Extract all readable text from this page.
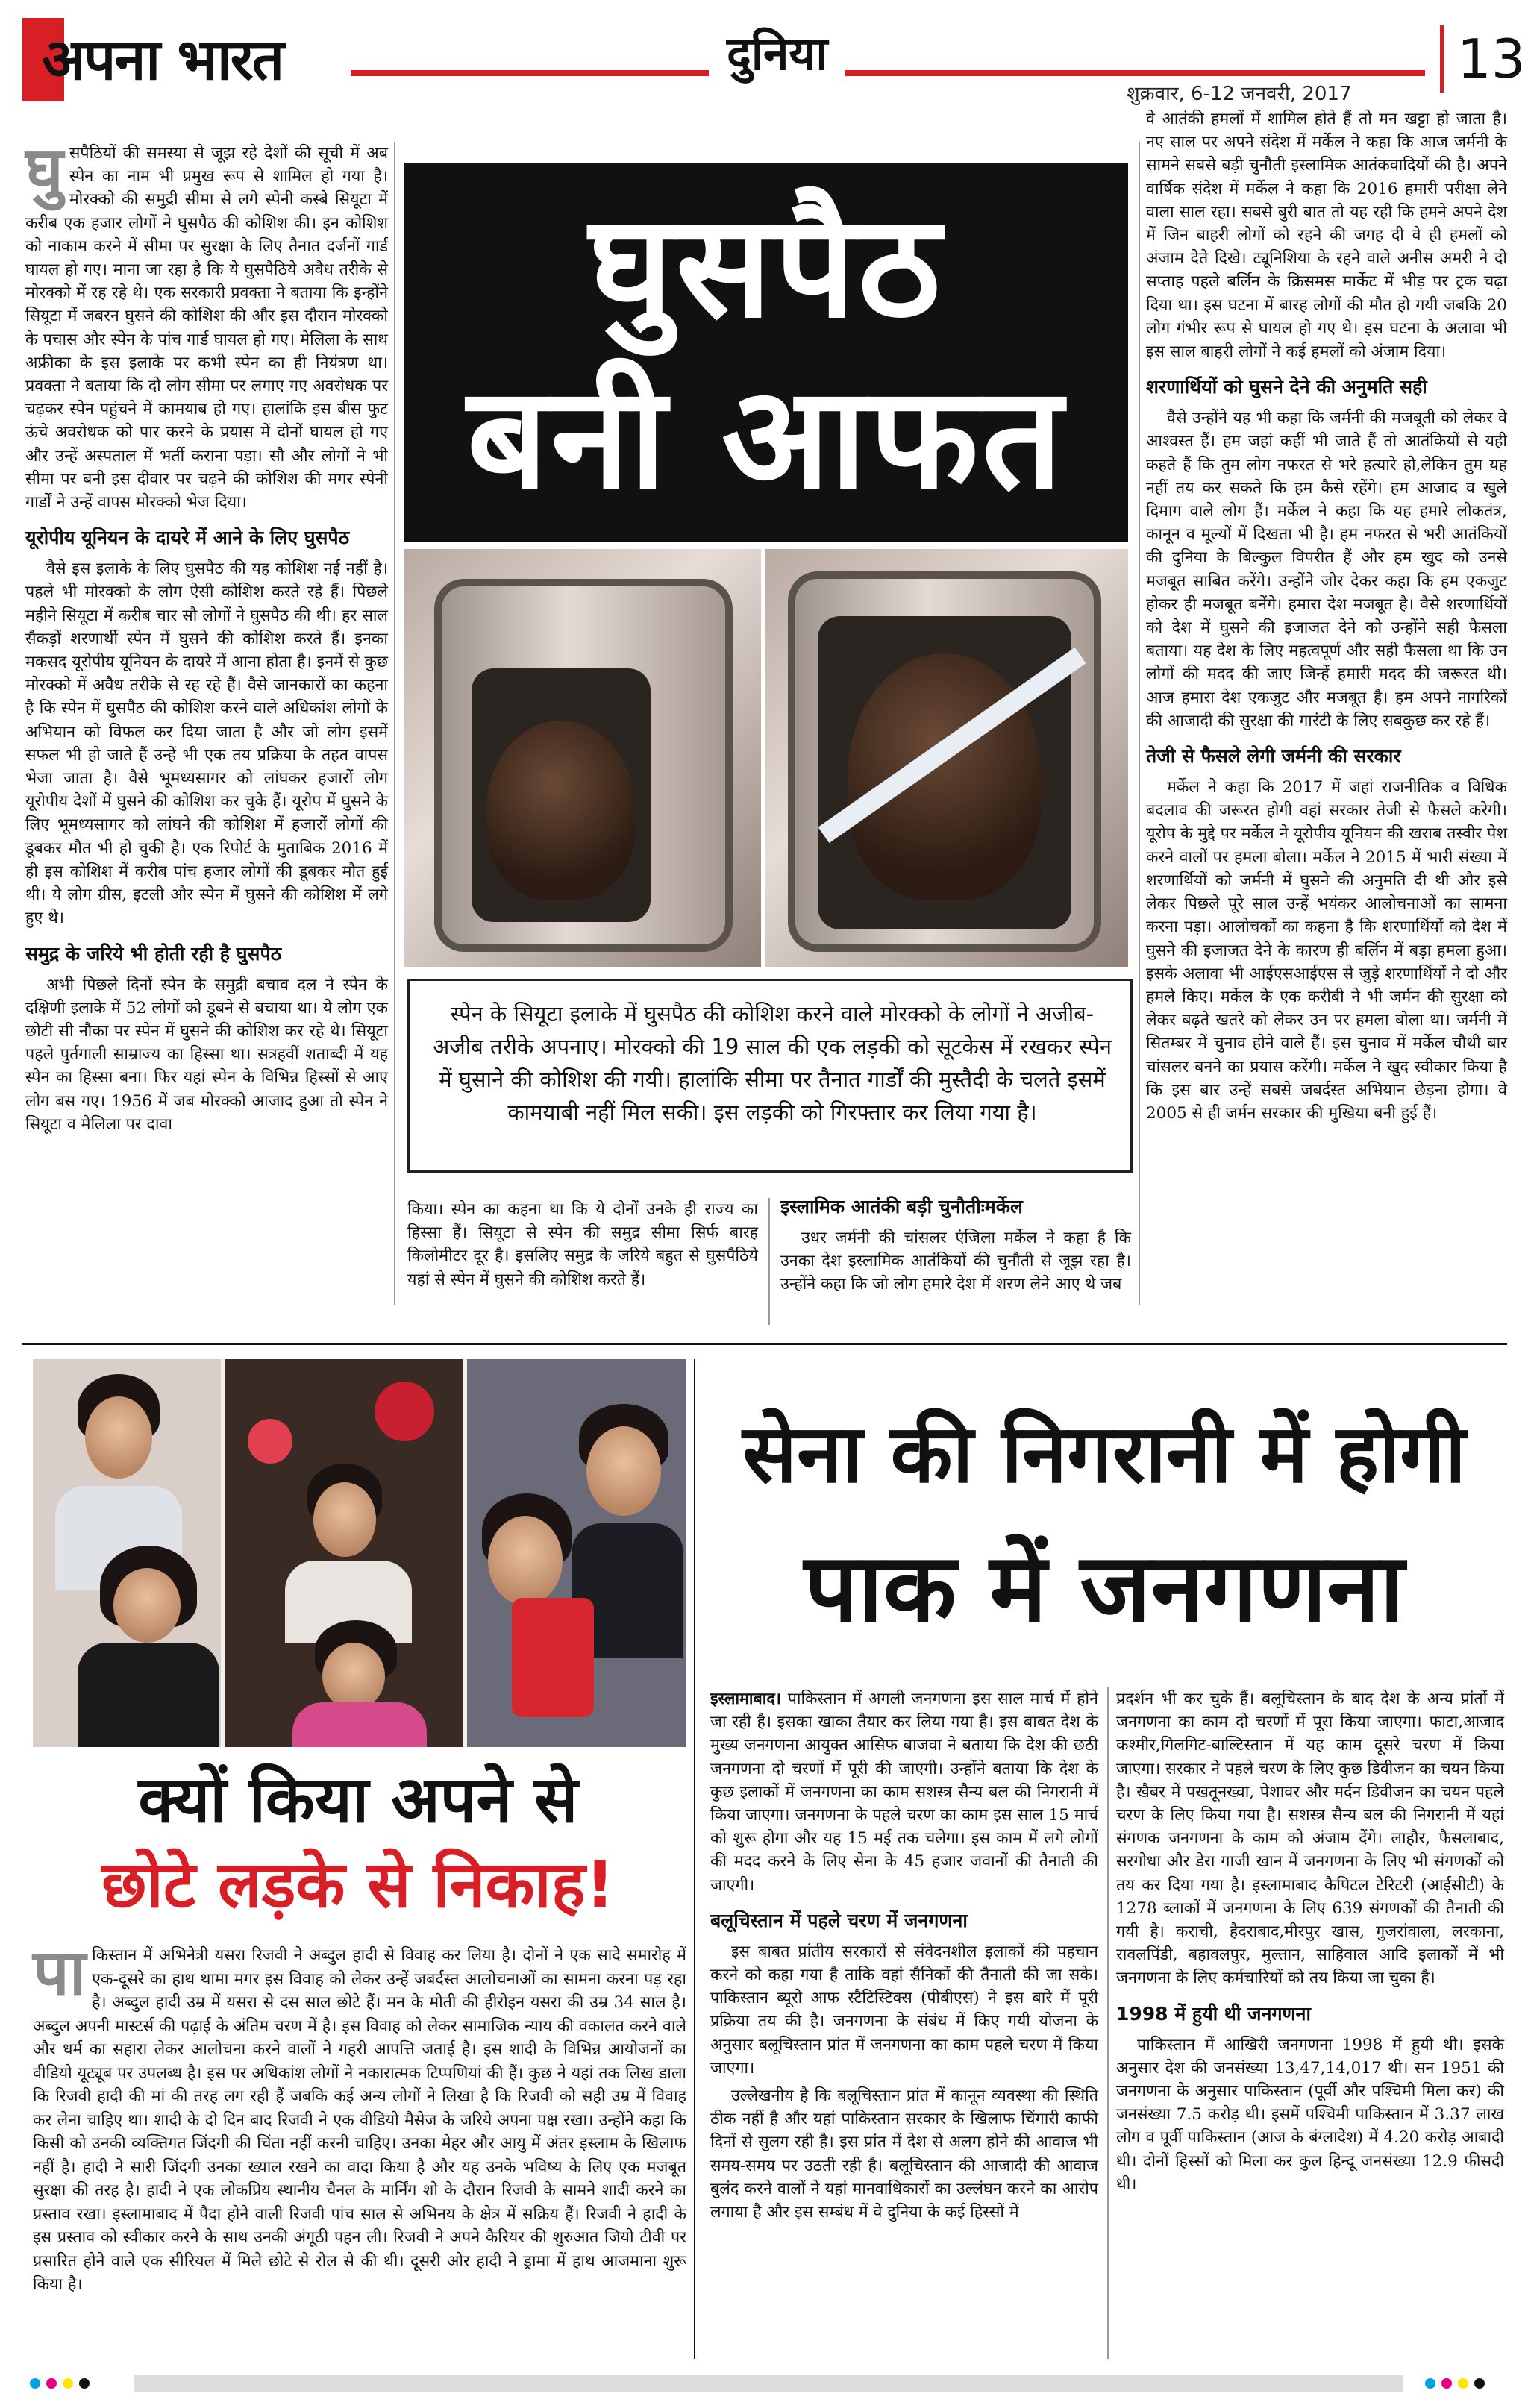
अपना भारत	दुनिया
शुक्रवार, 6-12 जनवरी, 2017
13

घुसपैठियों की समस्या से जूझ रहे देशों की सूची में अब स्पेन का नाम भी प्रमुख रूप से शामिल हो गया है। मोरक्को की समुद्री सीमा से लगे स्पेनी कस्बे सियूटा में करीब एक हजार लोगों ने घुसपैठ की कोशिश की। इन कोशिश को नाकाम करने में सीमा पर सुरक्षा के लिए तैनात दर्जनों गार्ड घायल हो गए। माना जा रहा है कि ये घुसपैठिये अवैध तरीके से मोरक्को में रह रहे थे। एक सरकारी प्रवक्ता ने बताया कि इन्होंने सियूटा में जबरन घुसने की कोशिश की और इस दौरान मोरक्को के पचास और स्पेन के पांच गार्ड घायल हो गए। मेलिला के साथ अफ्रीका के इस इलाके पर कभी स्पेन का ही नियंत्रण था। प्रवक्ता ने बताया कि दो लोग सीमा पर लगाए गए अवरोधक पर चढ़कर स्पेन पहुंचने में कामयाब हो गए। हालांकि इस बीस फुट ऊंचे अवरोधक को पार करने के प्रयास में दोनों घायल हो गए और उन्हें अस्पताल में भर्ती कराना पड़ा। सौ और लोगों ने भी सीमा पर बनी इस दीवार पर चढ़ने की कोशिश की मगर स्पेनी गार्डों ने उन्हें वापस मोरक्को भेज दिया।

यूरोपीय यूनियन के दायरे में आने के लिए घुसपैठ

वैसे इस इलाके के लिए घुसपैठ की यह कोशिश नई नहीं है। पहले भी मोरक्को के लोग ऐसी कोशिश करते रहे हैं। पिछले महीने सियूटा में करीब चार सौ लोगों ने घुसपैठ की थी। हर साल सैकड़ों शरणार्थी स्पेन में घुसने की कोशिश करते हैं। इनका मकसद यूरोपीय यूनियन के दायरे में आना होता है। इनमें से कुछ मोरक्को में अवैध तरीके से रह रहे हैं। वैसे जानकारों का कहना है कि स्पेन में घुसपैठ की कोशिश करने वाले अधिकांश लोगों के अभियान को विफल कर दिया जाता है और जो लोग इसमें सफल भी हो जाते हैं उन्हें भी एक तय प्रक्रिया के तहत वापस भेजा जाता है। वैसे भूमध्यसागर को लांघकर हजारों लोग यूरोपीय देशों में घुसने की कोशिश कर चुके हैं। यूरोप में घुसने के लिए भूमध्यसागर को लांघने की कोशिश में हजारों लोगों की डूबकर मौत भी हो चुकी है। एक रिपोर्ट के मुताबिक 2016 में ही इस कोशिश में करीब पांच हजार लोगों की डूबकर मौत हुई थी। ये लोग ग्रीस, इटली और स्पेन में घुसने की कोशिश में लगे हुए थे।

समुद्र के जरिये भी होती रही है घुसपैठ

अभी पिछले दिनों स्पेन के समुद्री बचाव दल ने स्पेन के दक्षिणी इलाके में 52 लोगों को डूबने से बचाया था। ये लोग एक छोटी सी नौका पर स्पेन में घुसने की कोशिश कर रहे थे। सियूटा पहले पुर्तगाली साम्राज्य का हिस्सा था। सत्रहवीं शताब्दी में यह स्पेन का हिस्सा बना। फिर यहां स्पेन के विभिन्न हिस्सों से आए लोग बस गए। 1956 में जब मोरक्को आजाद हुआ तो स्पेन ने सियूटा व मेलिला पर दावा

घुसपैठ
बनी आफत
स्पेन के सियूटा इलाके में घुसपैठ की कोशिश करने वाले मोरक्को के लोगों ने अजीब-अजीब तरीके अपनाए। मोरक्को की 19 साल की एक लड़की को सूटकेस में रखकर स्पेन में घुसाने की कोशिश की गयी। हालांकि सीमा पर तैनात गार्डों की मुस्तैदी के चलते इसमें कामयाबी नहीं मिल सकी। इस लड़की को गिरफ्तार कर लिया गया है।

किया। स्पेन का कहना था कि ये दोनों उनके ही राज्य का हिस्सा हैं। सियूटा से स्पेन की समुद्र सीमा सिर्फ बारह किलोमीटर दूर है। इसलिए समुद्र के जरिये बहुत से घुसपैठिये यहां से स्पेन में घुसने की कोशिश करते हैं।

इस्लामिक आतंकी बड़ी चुनौतीःमर्केल

उधर जर्मनी की चांसलर एंजिला मर्केल ने कहा है कि उनका देश इस्लामिक आतंकियों की चुनौती से जूझ रहा है। उन्होंने कहा कि जो लोग हमारे देश में शरण लेने आए थे जब

वे आतंकी हमलों में शामिल होते हैं तो मन खट्टा हो जाता है। नए साल पर अपने संदेश में मर्केल ने कहा कि आज जर्मनी के सामने सबसे बड़ी चुनौती इस्लामिक आतंकवादियों की है। अपने वार्षिक संदेश में मर्केल ने कहा कि 2016 हमारी परीक्षा लेने वाला साल रहा। सबसे बुरी बात तो यह रही कि हमने अपने देश में जिन बाहरी लोगों को रहने की जगह दी वे ही हमलों को अंजाम देते दिखे। ट्यूनिशिया के रहने वाले अनीस अमरी ने दो सप्ताह पहले बर्लिन के क्रिसमस मार्केट में भीड़ पर ट्रक चढ़ा दिया था। इस घटना में बारह लोगों की मौत हो गयी जबकि 20 लोग गंभीर रूप से घायल हो गए थे। इस घटना के अलावा भी इस साल बाहरी लोगों ने कई हमलों को अंजाम दिया।

शरणार्थियों को घुसने देने की अनुमति सही

वैसे उन्होंने यह भी कहा कि जर्मनी की मजबूती को लेकर वे आश्वस्त हैं। हम जहां कहीं भी जाते हैं तो आतंकियों से यही कहते हैं कि तुम लोग नफरत से भरे हत्यारे हो,लेकिन तुम यह नहीं तय कर सकते कि हम कैसे रहेंगे। हम आजाद व खुले दिमाग वाले लोग हैं। मर्केल ने कहा कि यह हमारे लोकतंत्र, कानून व मूल्यों में दिखता भी है। हम नफरत से भरी आतंकियों की दुनिया के बिल्कुल विपरीत हैं और हम खुद को उनसे मजबूत साबित करेंगे। उन्होंने जोर देकर कहा कि हम एकजुट होकर ही मजबूत बनेंगे। हमारा देश मजबूत है। वैसे शरणार्थियों को देश में घुसने की इजाजत देने को उन्होंने सही फैसला बताया। यह देश के लिए महत्वपूर्ण और सही फैसला था कि उन लोगों की मदद की जाए जिन्हें हमारी मदद की जरूरत थी। आज हमारा देश एकजुट और मजबूत है। हम अपने नागरिकों की आजादी की सुरक्षा की गारंटी के लिए सबकुछ कर रहे हैं।

तेजी से फैसले लेगी जर्मनी की सरकार

मर्केल ने कहा कि 2017 में जहां राजनीतिक व विधिक बदलाव की जरूरत होगी वहां सरकार तेजी से फैसले करेगी। यूरोप के मुद्दे पर मर्केल ने यूरोपीय यूनियन की खराब तस्वीर पेश करने वालों पर हमला बोला। मर्केल ने 2015 में भारी संख्या में शरणार्थियों को जर्मनी में घुसने की अनुमति दी थी और इसे लेकर पिछले पूरे साल उन्हें भयंकर आलोचनाओं का सामना करना पड़ा। आलोचकों का कहना है कि शरणार्थियों को देश में घुसने की इजाजत देने के कारण ही बर्लिन में बड़ा हमला हुआ। इसके अलावा भी आईएसआईएस से जुड़े शरणार्थियों ने दो और हमले किए। मर्केल के एक करीबी ने भी जर्मन की सुरक्षा को लेकर बढ़ते खतरे को लेकर उन पर हमला बोला था। जर्मनी में सितम्बर में चुनाव होने वाले हैं। इस चुनाव में मर्केल चौथी बार चांसलर बनने का प्रयास करेंगी। मर्केल ने खुद स्वीकार किया है कि इस बार उन्हें सबसे जबर्दस्त अभियान छेड़ना होगा। वे 2005 से ही जर्मन सरकार की मुखिया बनी हुई हैं।

क्यों किया अपने से
छोटे लड़के से निकाह!

पाकिस्तान में अभिनेत्री यसरा रिजवी ने अब्दुल हादी से विवाह कर लिया है। दोनों ने एक सादे समारोह में एक-दूसरे का हाथ थामा मगर इस विवाह को लेकर उन्हें जबर्दस्त आलोचनाओं का सामना करना पड़ रहा है। अब्दुल हादी उम्र में यसरा से दस साल छोटे हैं। मन के मोती की हीरोइन यसरा की उम्र 34 साल है। अब्दुल अपनी मास्टर्स की पढ़ाई के अंतिम चरण में है। इस विवाह को लेकर सामाजिक न्याय की वकालत करने वाले और धर्म का सहारा लेकर आलोचना करने वालों ने गहरी आपत्ति जताई है। इस शादी के विभिन्न आयोजनों का वीडियो यूट्यूब पर उपलब्ध है। इस पर अधिकांश लोगों ने नकारात्मक टिप्पणियां की हैं। कुछ ने यहां तक लिख डाला कि रिजवी हादी की मां की तरह लग रही हैं जबकि कई अन्य लोगों ने लिखा है कि रिजवी को सही उम्र में विवाह कर लेना चाहिए था। शादी के दो दिन बाद रिजवी ने एक वीडियो मैसेज के जरिये अपना पक्ष रखा। उन्होंने कहा कि किसी को उनकी व्यक्तिगत जिंदगी की चिंता नहीं करनी चाहिए। उनका मेहर और आयु में अंतर इस्लाम के खिलाफ नहीं है। हादी ने सारी जिंदगी उनका ख्याल रखने का वादा किया है और यह उनके भविष्य के लिए एक मजबूत सुरक्षा की तरह है। हादी ने एक लोकप्रिय स्थानीय चैनल के मार्निंग शो के दौरान रिजवी के सामने शादी करने का प्रस्ताव रखा। इस्लामाबाद में पैदा होने वाली रिजवी पांच साल से अभिनय के क्षेत्र में सक्रिय हैं। रिजवी ने हादी के इस प्रस्ताव को स्वीकार करने के साथ उनकी अंगूठी पहन ली। रिजवी ने अपने कैरियर की शुरुआत जियो टीवी पर प्रसारित होने वाले एक सीरियल में मिले छोटे से रोल से की थी। दूसरी ओर हादी ने ड्रामा में हाथ आजमाना शुरू किया है।

सेना की निगरानी में होगी
पाक में जनगणना

इस्लामाबाद। पाकिस्तान में अगली जनगणना इस साल मार्च में होने जा रही है। इसका खाका तैयार कर लिया गया है। इस बाबत देश के मुख्य जनगणना आयुक्त आसिफ बाजवा ने बताया कि देश की छठी जनगणना दो चरणों में पूरी की जाएगी। उन्होंने बताया कि देश के कुछ इलाकों में जनगणना का काम सशस्त्र सैन्य बल की निगरानी में किया जाएगा। जनगणना के पहले चरण का काम इस साल 15 मार्च को शुरू होगा और यह 15 मई तक चलेगा। इस काम में लगे लोगों की मदद करने के लिए सेना के 45 हजार जवानों की तैनाती की जाएगी।

बलूचिस्तान में पहले चरण में जनगणना

इस बाबत प्रांतीय सरकारों से संवेदनशील इलाकों की पहचान करने को कहा गया है ताकि वहां सैनिकों की तैनाती की जा सके। पाकिस्तान ब्यूरो आफ स्टैटिस्टिक्स (पीबीएस) ने इस बारे में पूरी प्रक्रिया तय की है। जनगणना के संबंध में किए गयी योजना के अनुसार बलूचिस्तान प्रांत में जनगणना का काम पहले चरण में किया जाएगा।

उल्लेखनीय है कि बलूचिस्तान प्रांत में कानून व्यवस्था की स्थिति ठीक नहीं है और यहां पाकिस्तान सरकार के खिलाफ चिंगारी काफी दिनों से सुलग रही है। इस प्रांत में देश से अलग होने की आवाज भी समय-समय पर उठती रही है। बलूचिस्तान की आजादी की आवाज बुलंद करने वालों ने यहां मानवाधिकारों का उल्लंघन करने का आरोप लगाया है और इस सम्बंध में वे दुनिया के कई हिस्सों में

प्रदर्शन भी कर चुके हैं। बलूचिस्तान के बाद देश के अन्य प्रांतों में जनगणना का काम दो चरणों में पूरा किया जाएगा। फाटा,आजाद कश्मीर,गिलगिट-बाल्टिस्तान में यह काम दूसरे चरण में किया जाएगा। सरकार ने पहले चरण के लिए कुछ डिवीजन का चयन किया है। खैबर में पखतूनख्वा, पेशावर और मर्दन डिवीजन का चयन पहले चरण के लिए किया गया है। सशस्त्र सैन्य बल की निगरानी में यहां संगणक जनगणना के काम को अंजाम देंगे। लाहौर, फैसलाबाद, सरगोधा और डेरा गाजी खान में जनगणना के लिए भी संगणकों को तय कर दिया गया है। इस्लामाबाद कैपिटल टेरिटरी (आईसीटी) के 1278 ब्लाकों में जनगणना के लिए 639 संगणकों की तैनाती की गयी है। कराची, हैदराबाद,मीरपुर खास, गुजरांवाला, लरकाना, रावलपिंडी, बहावलपुर, मुल्तान, साहिवाल आदि इलाकों में भी जनगणना के लिए कर्मचारियों को तय किया जा चुका है।

1998 में हुयी थी जनगणना

पाकिस्तान में आखिरी जनगणना 1998 में हुयी थी। इसके अनुसार देश की जनसंख्या 13,47,14,017 थी। सन 1951 की जनगणना के अनुसार पाकिस्तान (पूर्वी और पश्चिमी मिला कर) की जनसंख्या 7.5 करोड़ थी। इसमें पश्चिमी पाकिस्तान में 3.37 लाख लोग व पूर्वी पाकिस्तान (आज के बंग्लादेश) में 4.20 करोड़ आबादी थी। दोनों हिस्सों को मिला कर कुल हिन्दू जनसंख्या 12.9 फीसदी थी।
